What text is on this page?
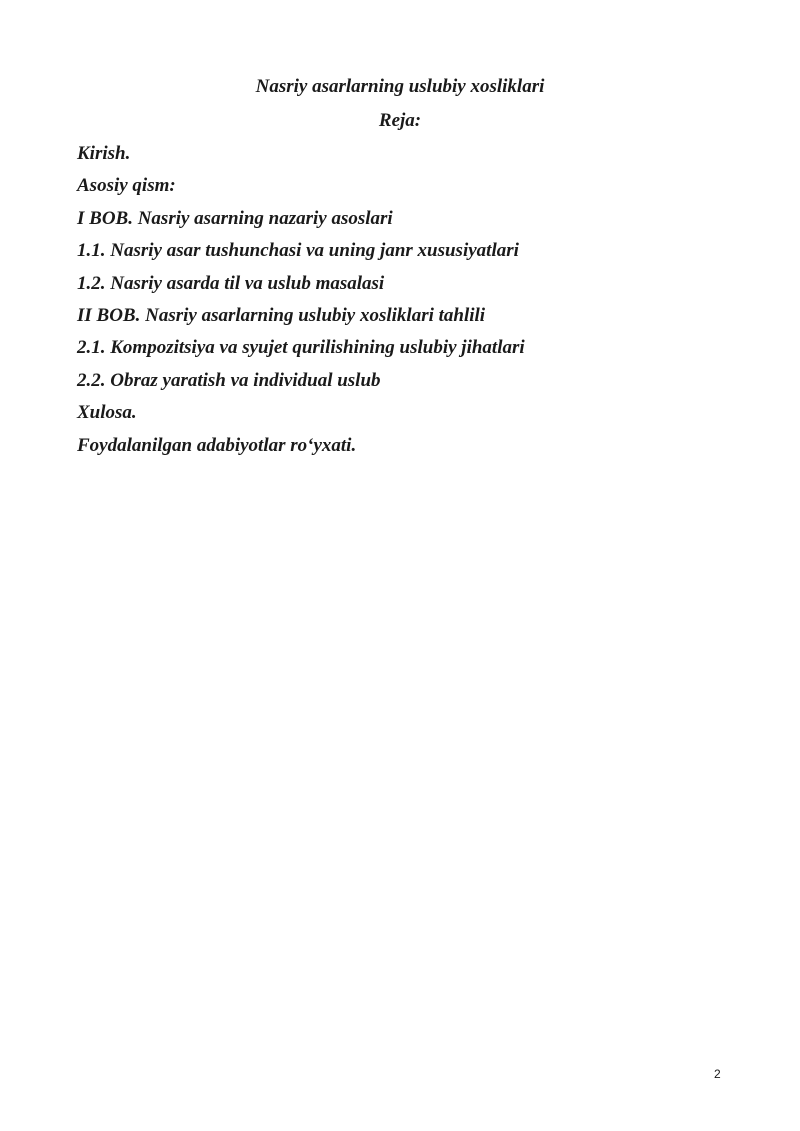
Nasriy asarlarning uslubiy xosliklari
Reja:
Kirish.
Asosiy qism:
I BOB. Nasriy asarning nazariy asoslari
1.1. Nasriy asar tushunchasi va uning janr xususiyatlari
1.2. Nasriy asarda til va uslub masalasi
II BOB. Nasriy asarlarning uslubiy xosliklari tahlili
2.1. Kompozitsiya va syujet qurilishining uslubiy jihatlari
2.2. Obraz yaratish va individual uslub
Xulosa.
Foydalanilgan adabiyotlar ro‘yxati.
2
